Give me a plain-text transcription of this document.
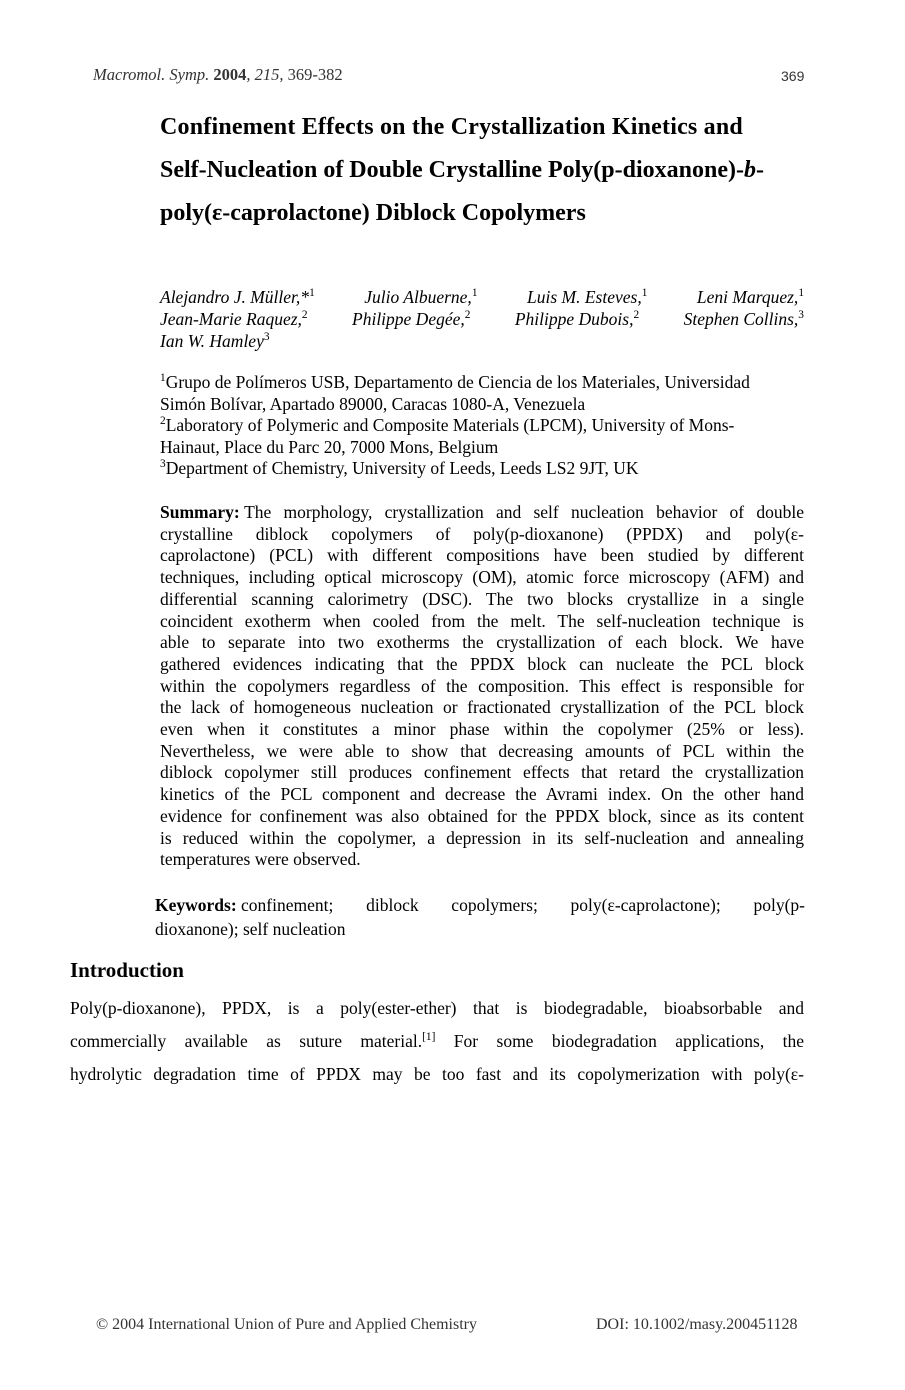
Macromol. Symp. 2004, 215, 369-382	369
Confinement Effects on the Crystallization Kinetics and
Self-Nucleation of Double Crystalline Poly(p-dioxanone)-b-
poly(ε-caprolactone) Diblock Copolymers
Alejandro J. Müller,*$^1$	Julio Albuerne,$^1$	Luis M. Esteves,$^1$	Leni Marquez,$^1$
Jean-Marie Raquez,$^2$	Philippe Degée,$^2$	Philippe Dubois,$^2$	Stephen Collins,$^3$
Ian W. Hamley$^3$
$^1$Grupo de Polímeros USB, Departamento de Ciencia de los Materiales, Universidad
Simón Bolívar, Apartado 89000, Caracas 1080-A, Venezuela
$^2$Laboratory of Polymeric and Composite Materials (LPCM), University of Mons-
Hainaut, Place du Parc 20, 7000 Mons, Belgium
$^3$Department of Chemistry, University of Leeds, Leeds LS2 9JT, UK
Summary:
The morphology, crystallization and self nucleation behavior of double
crystalline diblock copolymers of poly(p-dioxanone) (PPDX) and poly(ε-
caprolactone) (PCL) with different compositions have been studied by different
techniques, including optical microscopy (OM), atomic force microscopy (AFM) and
differential scanning calorimetry (DSC). The two blocks crystallize in a single
coincident exotherm when cooled from the melt. The self-nucleation technique is
able to separate into two exotherms the crystallization of each block. We have
gathered evidences indicating that the PPDX block can nucleate the PCL block
within the copolymers regardless of the composition. This effect is responsible for
the lack of homogeneous nucleation or fractionated crystallization of the PCL block
even when it constitutes a minor phase within the copolymer (25% or less).
Nevertheless, we were able to show that decreasing amounts of PCL within the
diblock copolymer still produces confinement effects that retard the crystallization
kinetics of the PCL component and decrease the Avrami index. On the other hand
evidence for confinement was also obtained for the PPDX block, since as its content
is reduced within the copolymer, a depression in its self-nucleation and annealing
temperatures were observed.
Keywords:
confinement; diblock copolymers; poly(ε-caprolactone); poly(p-
dioxanone); self nucleation
Introduction
Poly(p-dioxanone), PPDX, is a poly(ester-ether) that is biodegradable, bioabsorbable and
commercially available as suture material.[1] For some biodegradation applications, the
hydrolytic degradation time of PPDX may be too fast and its copolymerization with poly(ε-
© 2004 International Union of Pure and Applied Chemistry	DOI: 10.1002/masy.200451128
